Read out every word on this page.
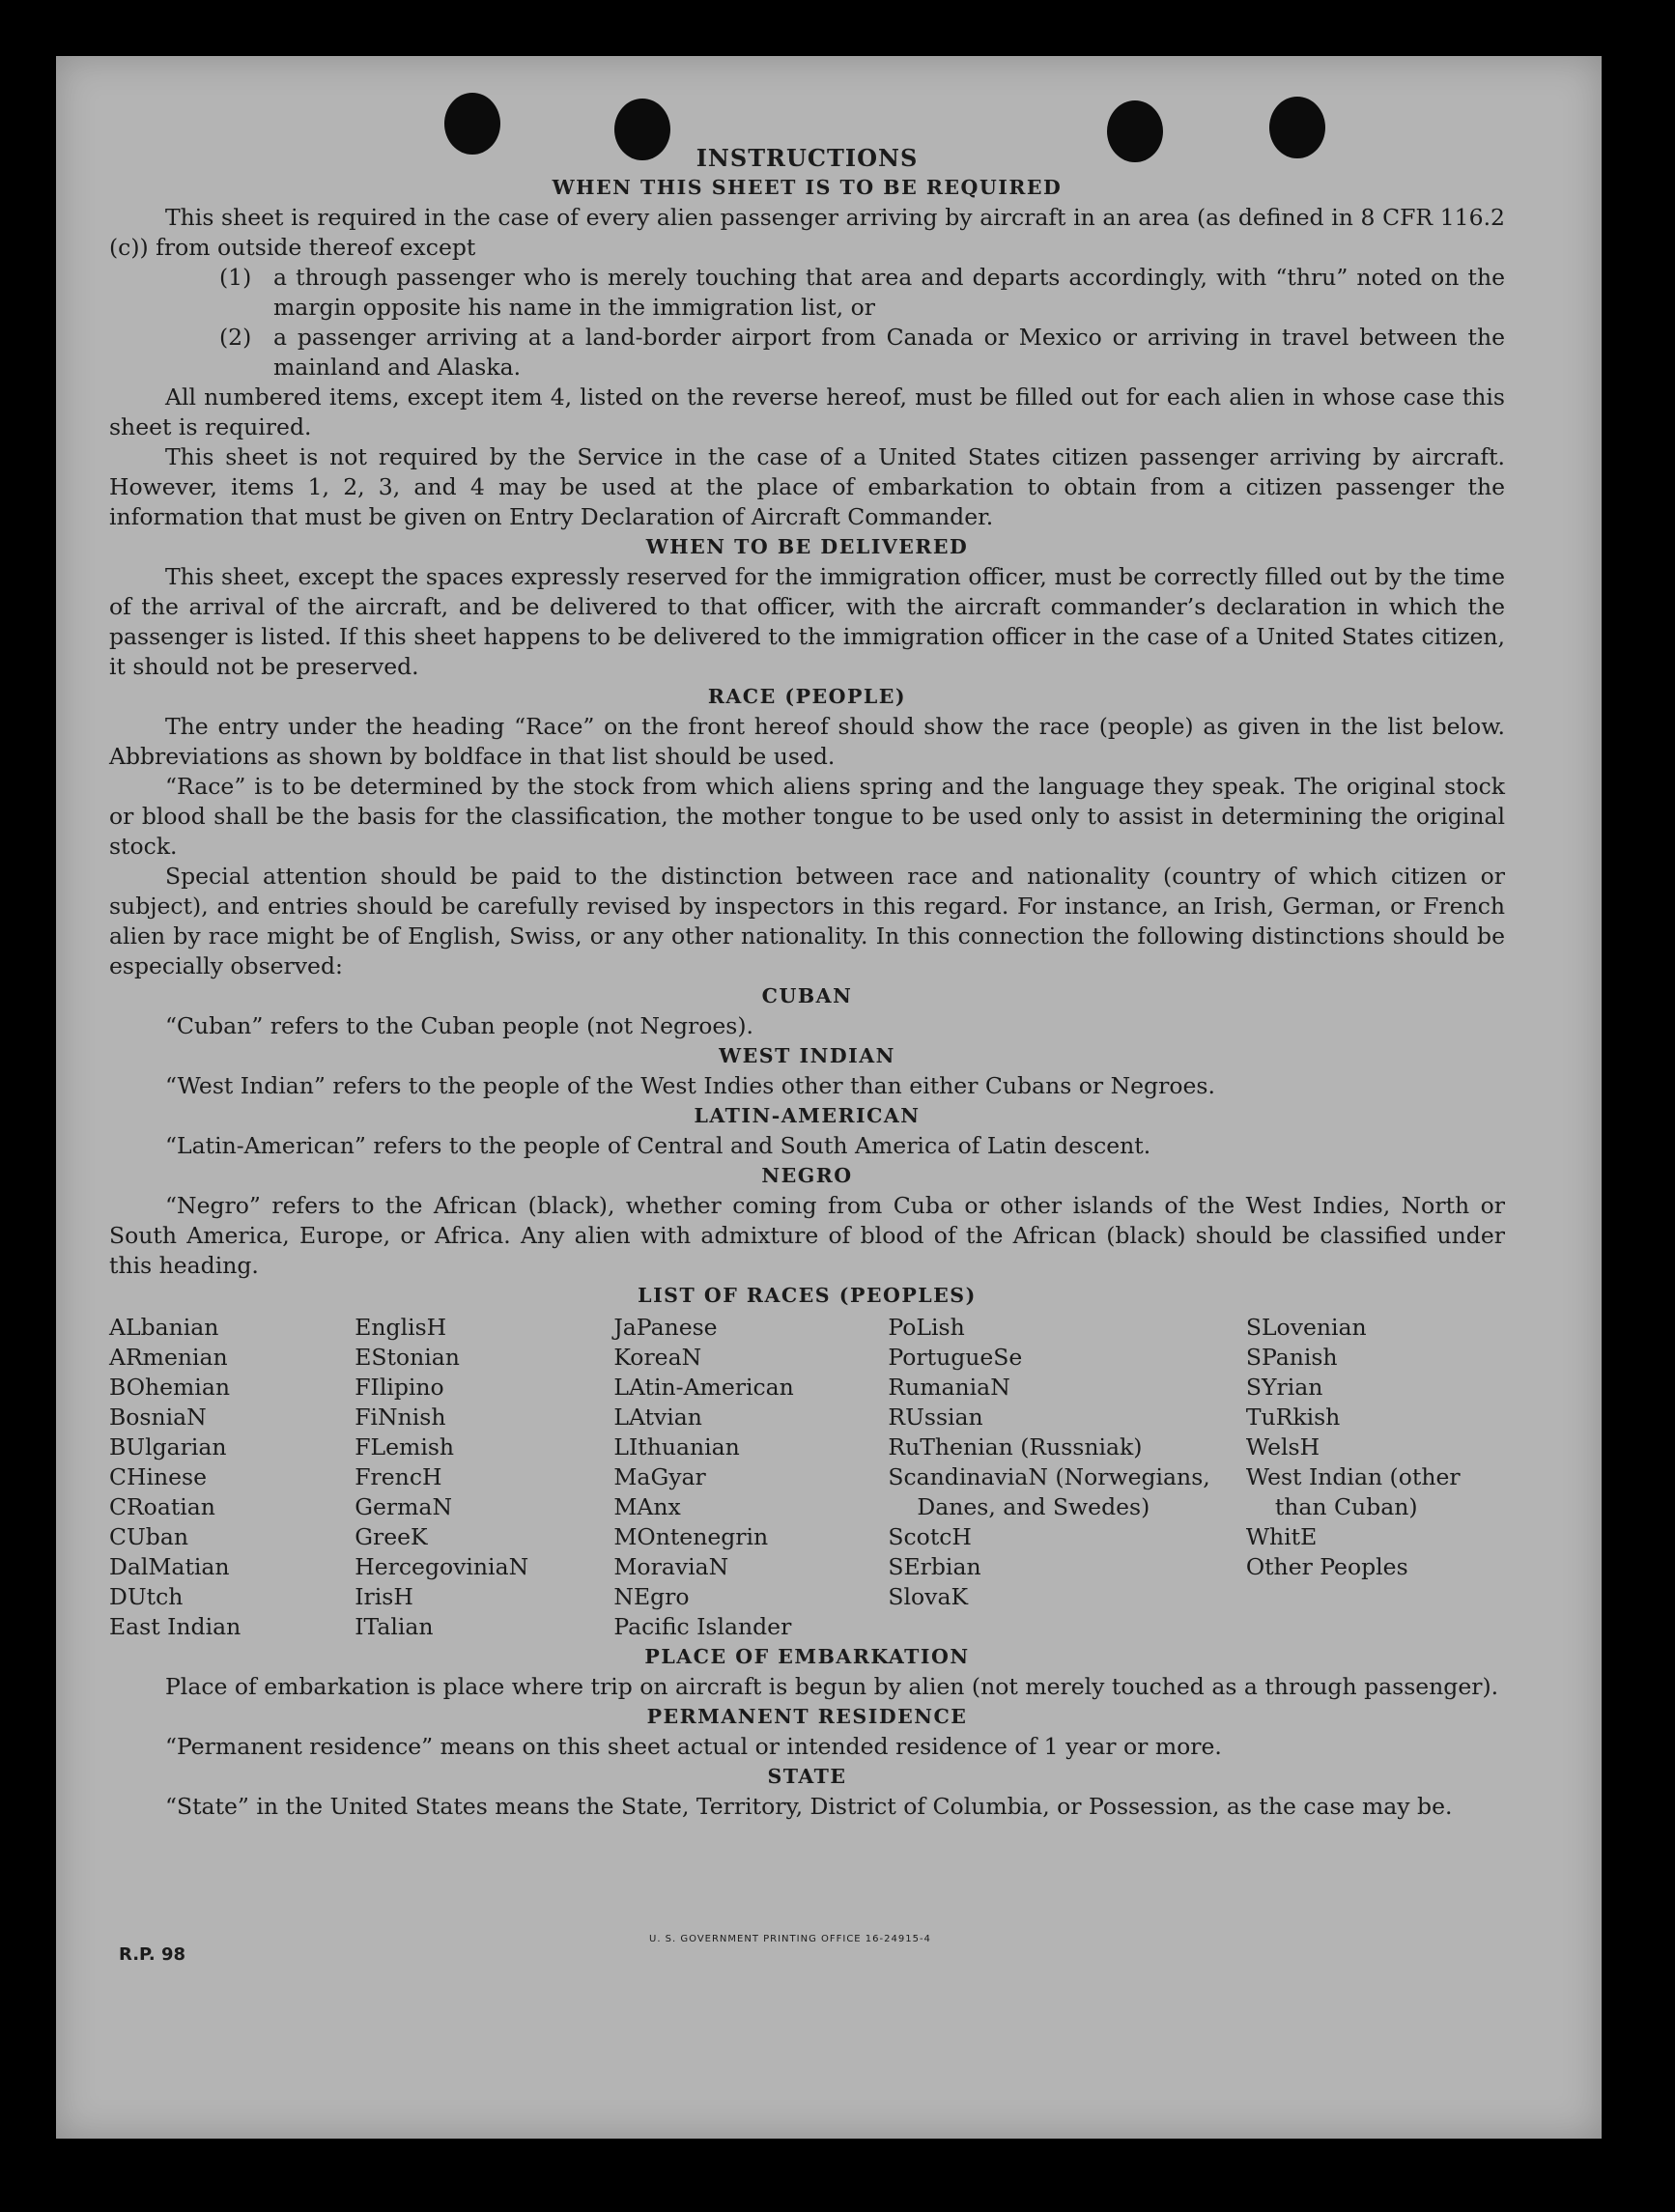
INSTRUCTIONS
WHEN THIS SHEET IS TO BE REQUIRED

This sheet is required in the case of every alien passenger arriving by aircraft in an area (as defined in 8 CFR 116.2 (c)) from outside thereof except

(1) a through passenger who is merely touching that area and departs accordingly, with “thru” noted on the margin opposite his name in the immigration list, or
(2) a passenger arriving at a land-border airport from Canada or Mexico or arriving in travel between the mainland and Alaska.

All numbered items, except item 4, listed on the reverse hereof, must be filled out for each alien in whose case this sheet is required.

This sheet is not required by the Service in the case of a United States citizen passenger arriving by aircraft. However, items 1, 2, 3, and 4 may be used at the place of embarkation to obtain from a citizen passenger the information that must be given on Entry Declaration of Aircraft Commander.

WHEN TO BE DELIVERED

This sheet, except the spaces expressly reserved for the immigration officer, must be correctly filled out by the time of the arrival of the aircraft, and be delivered to that officer, with the aircraft commander’s declaration in which the passenger is listed. If this sheet happens to be delivered to the immigration officer in the case of a United States citizen, it should not be preserved.

RACE (PEOPLE)

The entry under the heading “Race” on the front hereof should show the race (people) as given in the list below. Abbreviations as shown by boldface in that list should be used.

“Race” is to be determined by the stock from which aliens spring and the language they speak. The original stock or blood shall be the basis for the classification, the mother tongue to be used only to assist in determining the original stock.

Special attention should be paid to the distinction between race and nationality (country of which citizen or subject), and entries should be carefully revised by inspectors in this regard. For instance, an Irish, German, or French alien by race might be of English, Swiss, or any other nationality. In this connection the following distinctions should be especially observed:

CUBAN

“Cuban” refers to the Cuban people (not Negroes).

WEST INDIAN

“West Indian” refers to the people of the West Indies other than either Cubans or Negroes.

LATIN-AMERICAN

“Latin-American” refers to the people of Central and South America of Latin descent.

NEGRO

“Negro” refers to the African (black), whether coming from Cuba or other islands of the West Indies, North or South America, Europe, or Africa. Any alien with admixture of blood of the African (black) should be classified under this heading.

LIST OF RACES (PEOPLES)
ALbanian
ARmenian
BOhemian
BosniaN
BUlgarian
CHinese
CRoatian
CUban
DalMatian
DUtch
East Indian
EnglisH
EStonian
FIlipino
FiNnish
FLemish
FrencH
GermaN
GreeK
HercegoviniaN
IrisH
ITalian
JaPanese
KoreaN
LAtin-American
LAtvian
LIthuanian
MaGyar
MAnx
MOntenegrin
MoraviaN
NEgro
Pacific Islander
PoLish
PortugueSe
RumaniaN
RUssian
RuThenian (Russniak)
ScandinaviaN (Norwegians, Danes, and Swedes)
ScotcH
SErbian
SlovaK
SLovenian
SPanish
SYrian
TuRkish
WelsH
West Indian (other than Cuban)
WhitE
Other Peoples
PLACE OF EMBARKATION

Place of embarkation is place where trip on aircraft is begun by alien (not merely touched as a through passenger).

PERMANENT RESIDENCE

“Permanent residence” means on this sheet actual or intended residence of 1 year or more.

STATE

“State” in the United States means the State, Territory, District of Columbia, or Possession, as the case may be.

R.P. 98
U. S. GOVERNMENT PRINTING OFFICE 16-24915-4
